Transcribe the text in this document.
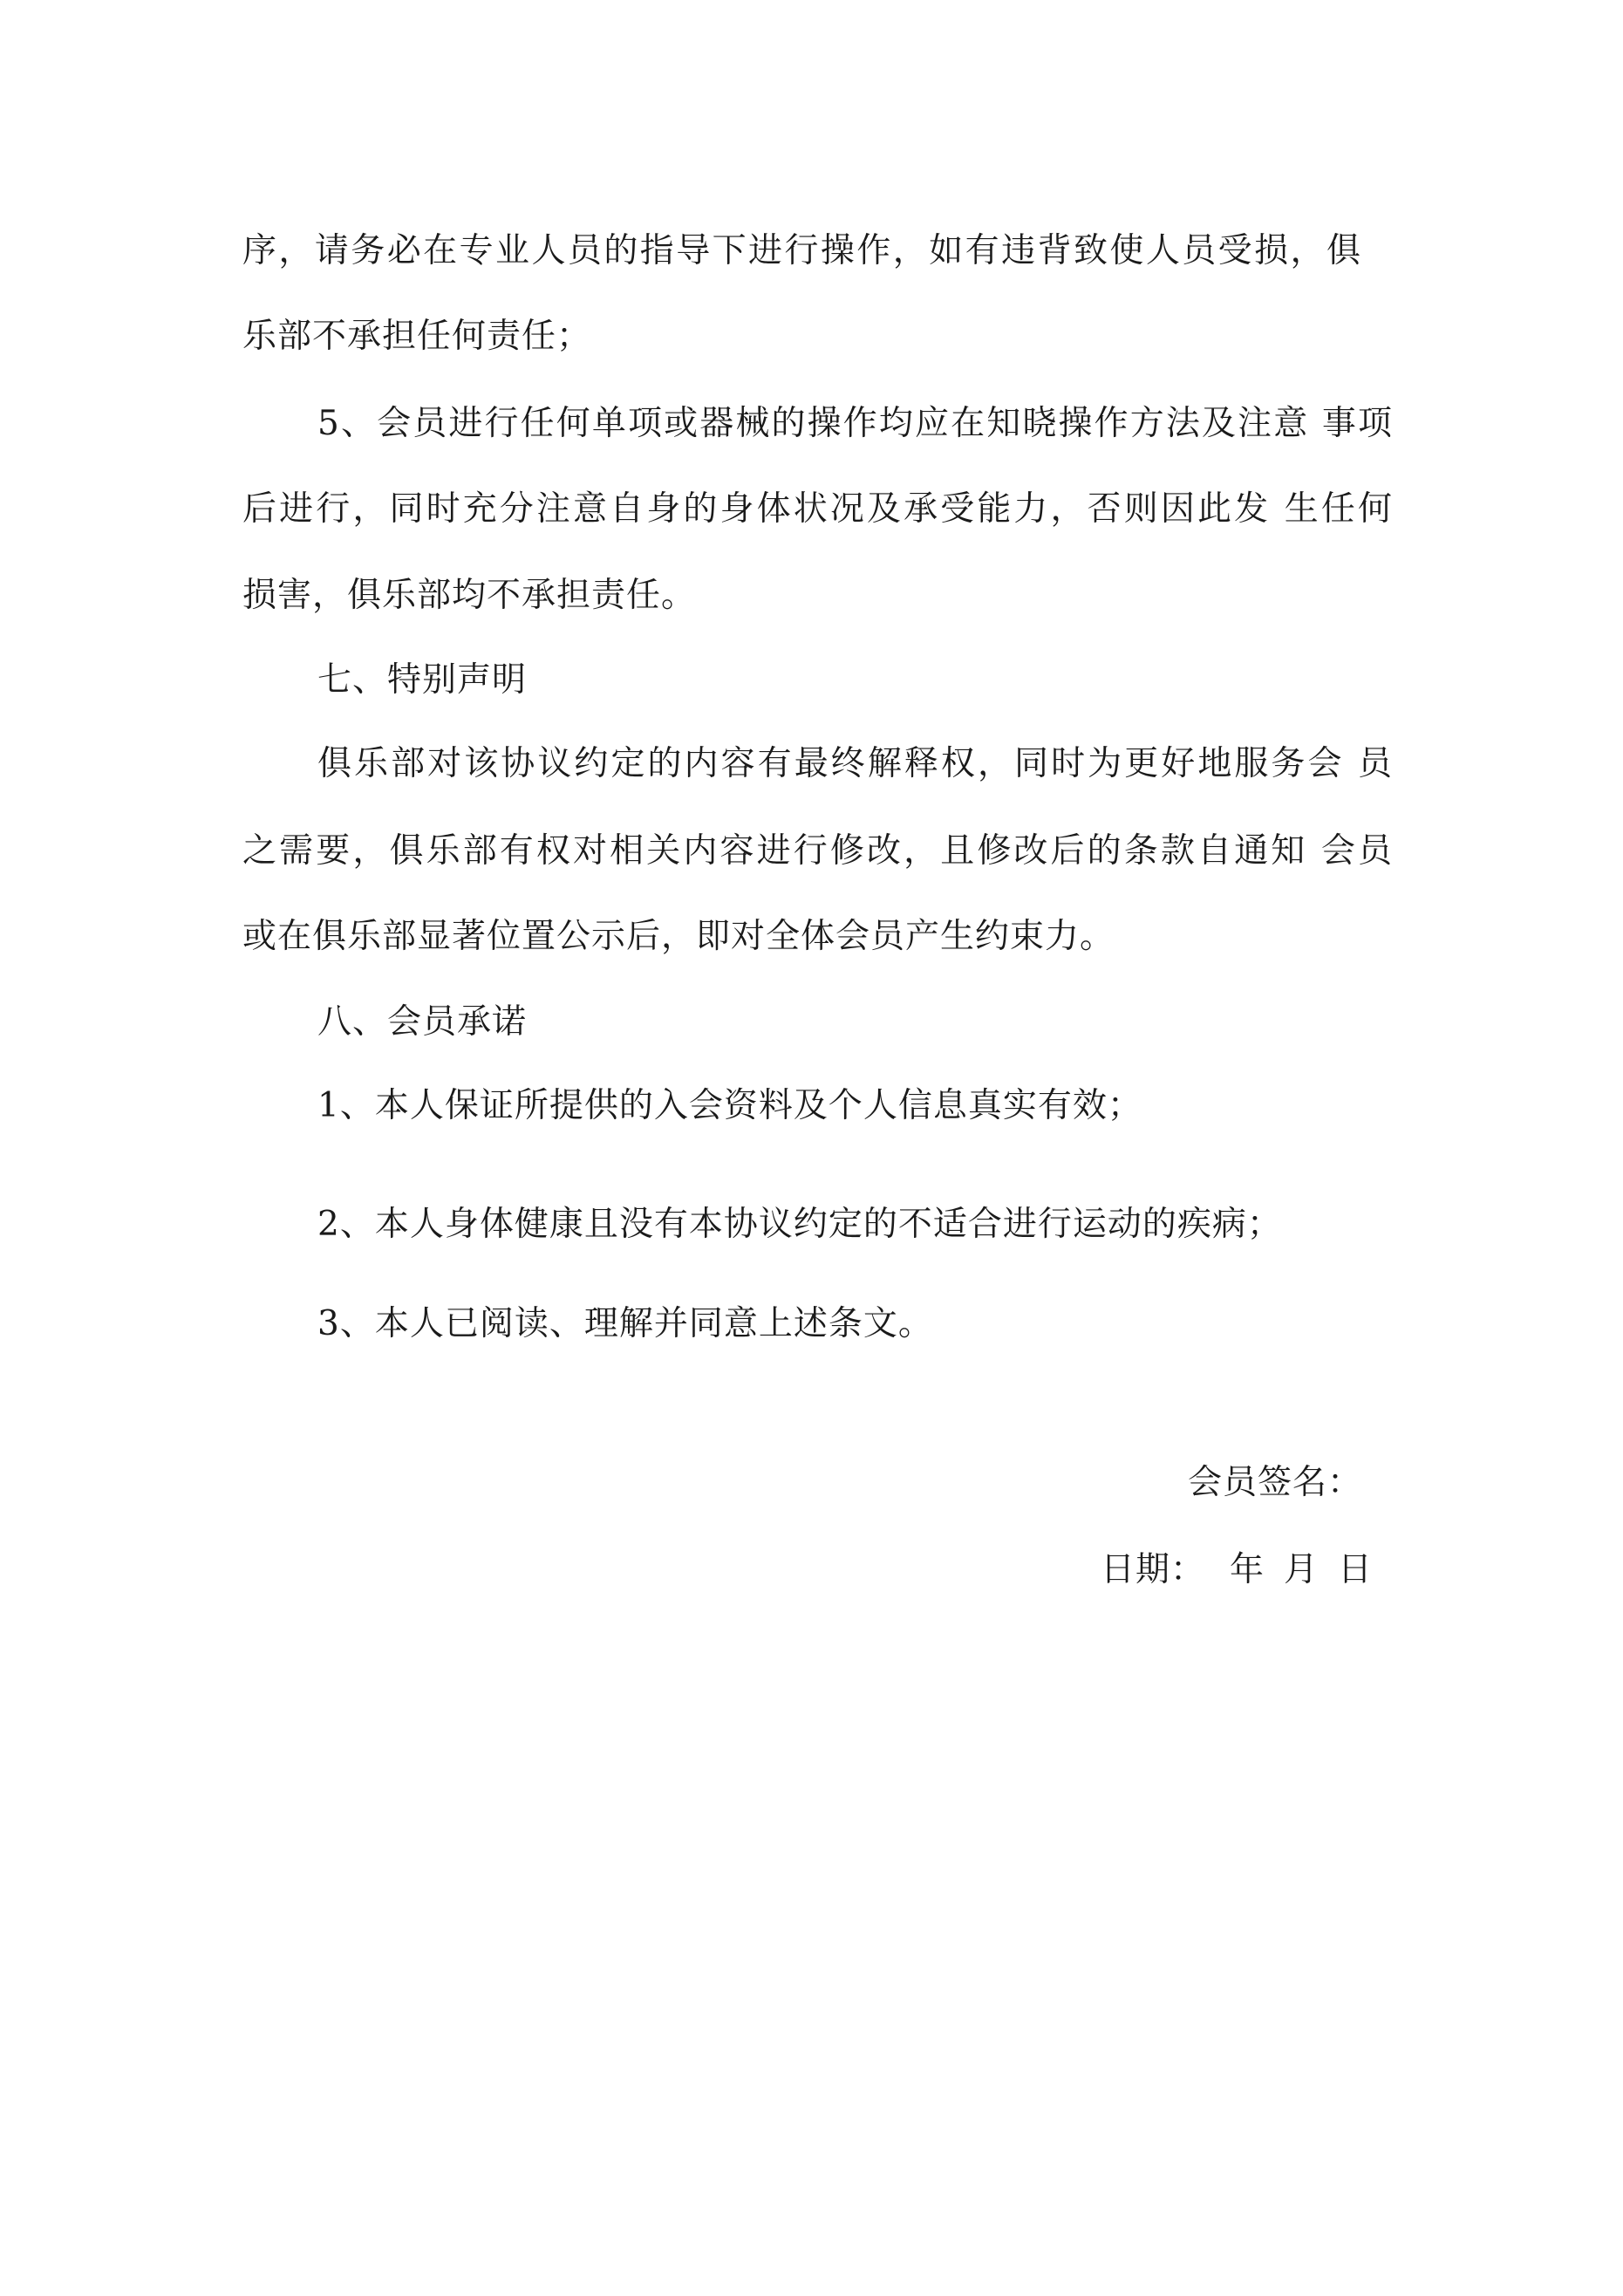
序，请务必在专业人员的指导下进行操作，如有违背致使人员受损，俱
乐部不承担任何责任；
5、会员进行任何单项或器械的操作均应在知晓操作方法及注意 事项
后进行，同时充分注意自身的身体状况及承受能力，否则因此发 生任何
损害，俱乐部均不承担责任。
七、特别声明
俱乐部对该协议约定的内容有最终解释权，同时为更好地服务会 员
之需要，俱乐部有权对相关内容进行修改，且修改后的条款自通知 会员
或在俱乐部显著位置公示后，即对全体会员产生约束力。
八、会员承诺
1、本人保证所提供的入会资料及个人信息真实有效；
2、本人身体健康且没有本协议约定的不适合进行运动的疾病；
3、本人已阅读、理解并同意上述条文。
会员签名：
日期： 年 月 日
